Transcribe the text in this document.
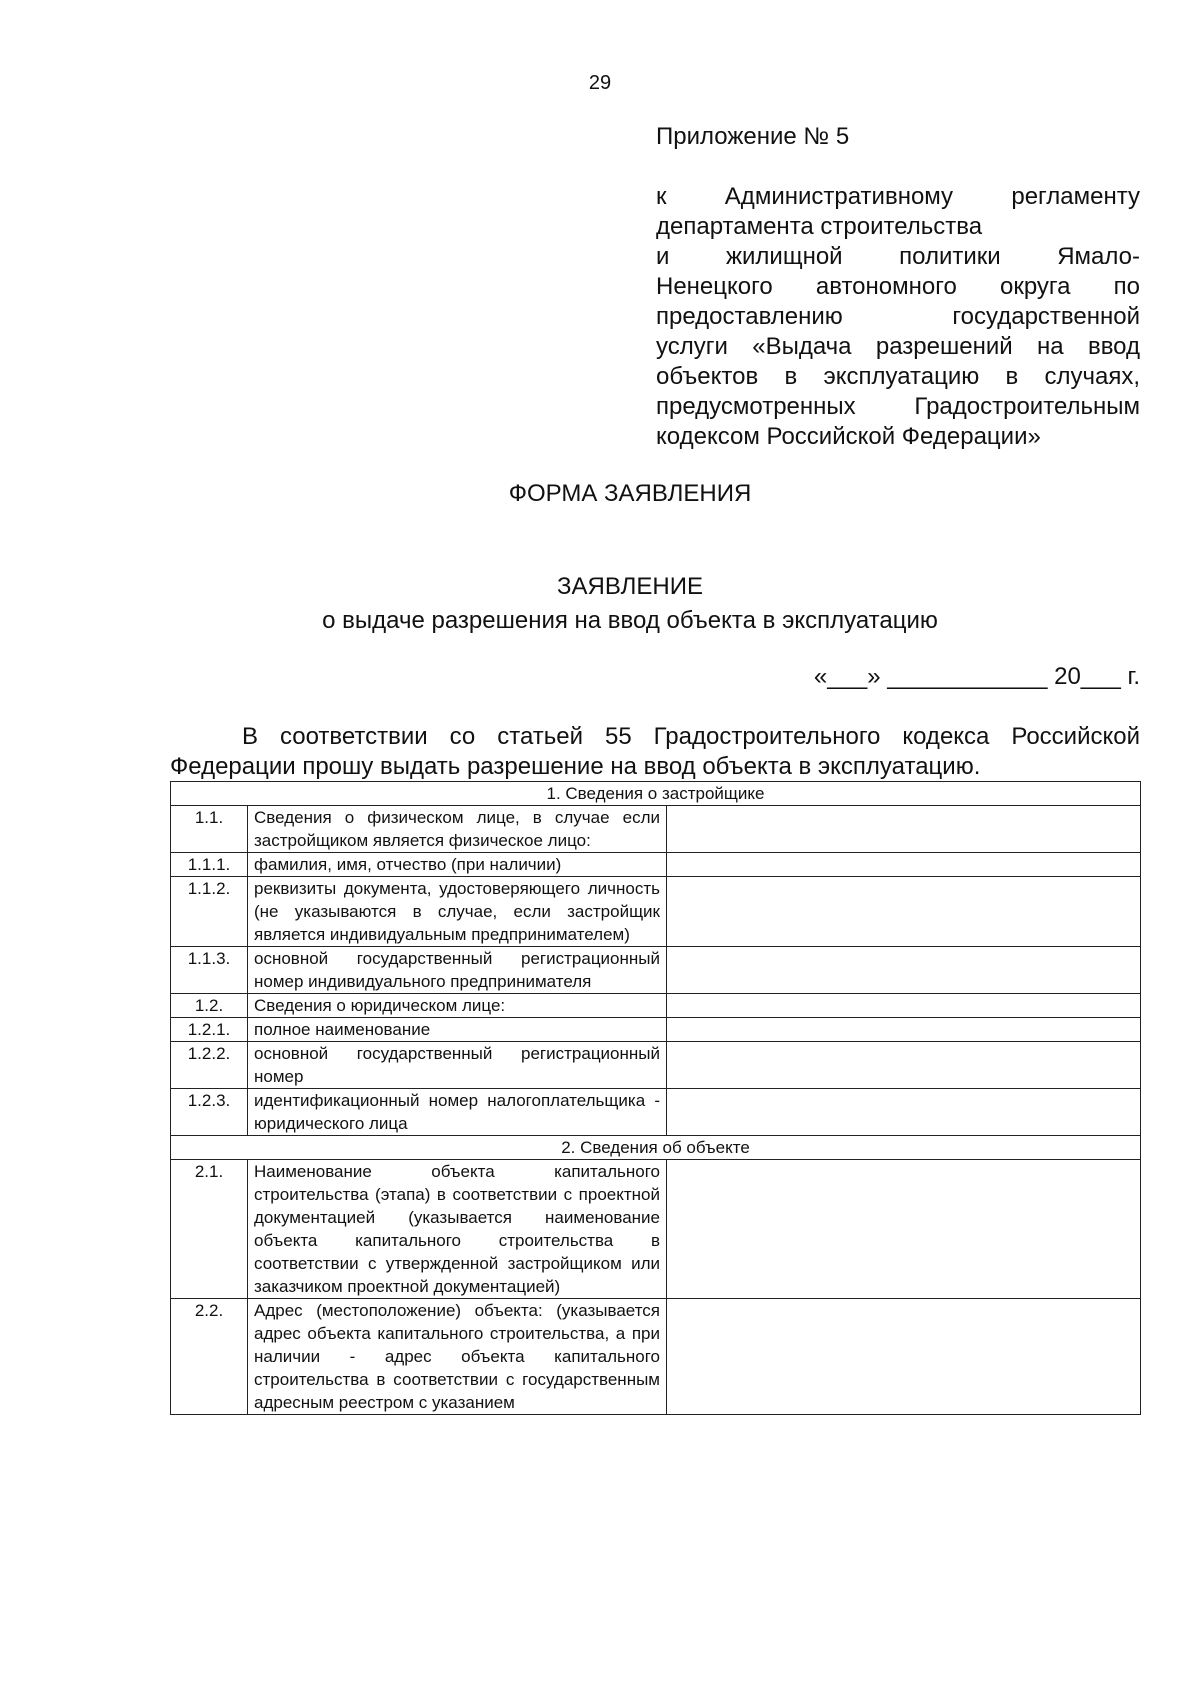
29
Приложение № 5
к Административному регламенту
департамента строительства
и жилищной политики Ямало-
Ненецкого автономного округа по
предоставлению государственной
услуги «Выдача разрешений на ввод
объектов в эксплуатацию в случаях,
предусмотренных Градостроительным
кодексом Российской Федерации»
ФОРМА ЗАЯВЛЕНИЯ
ЗАЯВЛЕНИЕ
о выдаче разрешения на ввод объекта в эксплуатацию
«___» ____________ 20___ г.
В соответствии со статьей 55 Градостроительного кодекса Российской Федерации прошу выдать разрешение на ввод объекта в эксплуатацию.
1. Сведения о застройщике		
1.1.	Сведения о физическом лице, в случае если застройщиком является физическое лицо:	
1.1.1.	фамилия, имя, отчество (при наличии)	
1.1.2.	реквизиты документа, удостоверяющего личность (не указываются в случае, если застройщик является индивидуальным предпринимателем)	
1.1.3.	основной государственный регистрационный номер индивидуального предпринимателя	
1.2.	Сведения о юридическом лице:	
1.2.1.	полное наименование	
1.2.2.	основной государственный регистрационный номер	
1.2.3.	идентификационный номер налогоплательщика - юридического лица	
2. Сведения об объекте		
2.1.	Наименование объекта капитального строительства (этапа) в соответствии с проектной документацией (указывается наименование объекта капитального строительства в соответствии с утвержденной застройщиком или заказчиком проектной документацией)	
2.2.	Адрес (местоположение) объекта: (указывается адрес объекта капитального строительства, а при наличии - адрес объекта капитального строительства в соответствии с государственным адресным реестром с указанием	
